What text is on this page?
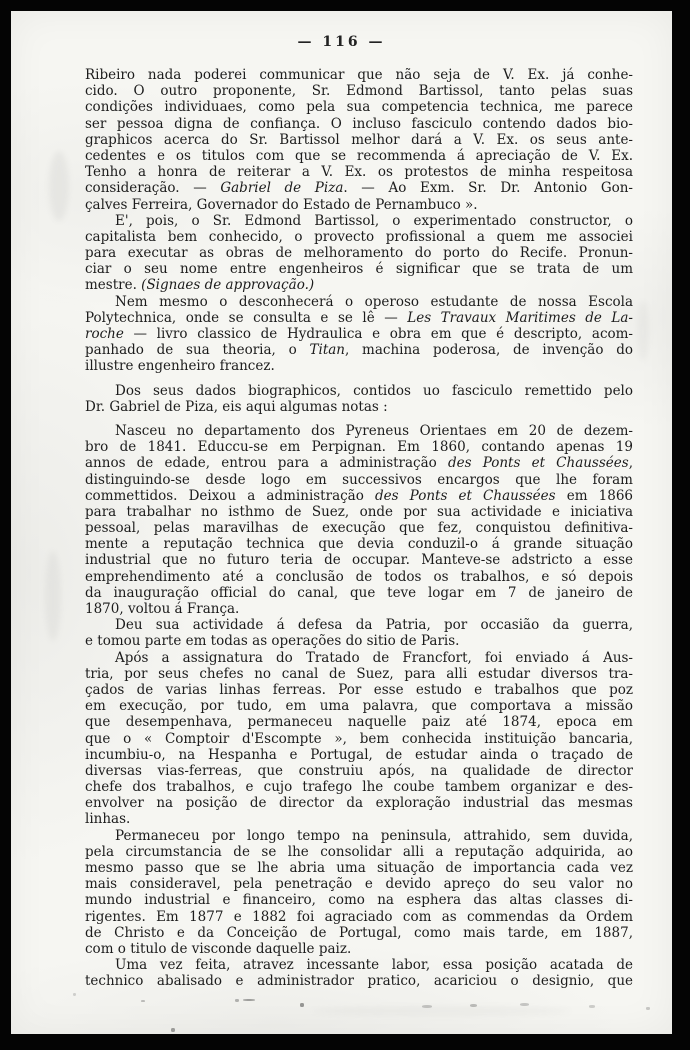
— 116 —
Ribeiro nada poderei communicar que não seja de V. Ex. já conhe-
cido. O outro proponente, Sr. Edmond Bartissol, tanto pelas suas
condições individuaes, como pela sua competencia technica, me parece
ser pessoa digna de confiança. O incluso fasciculo contendo dados bio-
graphicos acerca do Sr. Bartissol melhor dará a V. Ex. os seus ante-
cedentes e os titulos com que se recommenda á apreciação de V. Ex.
Tenho a honra de reiterar a V. Ex. os protestos de minha respeitosa
consideração. — Gabriel de Piza. — Ao Exm. Sr. Dr. Antonio Gon-
çalves Ferreira, Governador do Estado de Pernambuco ».
E', pois, o Sr. Edmond Bartissol, o experimentado constructor, o
capitalista bem conhecido, o provecto profissional a quem me associei
para executar as obras de melhoramento do porto do Recife. Pronun-
ciar o seu nome entre engenheiros é significar que se trata de um
mestre. (Signaes de approvação.)
Nem mesmo o desconhecerá o operoso estudante de nossa Escola
Polytechnica, onde se consulta e se lê — Les Travaux Maritimes de La-
roche — livro classico de Hydraulica e obra em que é descripto, acom-
panhado de sua theoria, o Titan, machina poderosa, de invenção do
illustre engenheiro francez.
Dos seus dados biographicos, contidos uo fasciculo remettido pelo
Dr. Gabriel de Piza, eis aqui algumas notas :
Nasceu no departamento dos Pyreneus Orientaes em 20 de dezem-
bro de 1841. Educcu-se em Perpignan. Em 1860, contando apenas 19
annos de edade, entrou para a administração des Ponts et Chaussées,
distinguindo-se desde logo em successivos encargos que lhe foram
commettidos. Deixou a administração des Ponts et Chaussées em 1866
para trabalhar no isthmo de Suez, onde por sua actividade e iniciativa
pessoal, pelas maravilhas de execução que fez, conquistou definitiva-
mente a reputação technica que devia conduzil-o á grande situação
industrial que no futuro teria de occupar. Manteve-se adstricto a esse
emprehendimento até a conclusão de todos os trabalhos, e só depois
da inauguração official do canal, que teve logar em 7 de janeiro de
1870, voltou á França.
Deu sua actividade á defesa da Patria, por occasião da guerra,
e tomou parte em todas as operações do sitio de Paris.
Após a assignatura do Tratado de Francfort, foi enviado á Aus-
tria, por seus chefes no canal de Suez, para alli estudar diversos tra-
çados de varias linhas ferreas. Por esse estudo e trabalhos que poz
em execução, por tudo, em uma palavra, que comportava a missão
que desempenhava, permaneceu naquelle paiz até 1874, epoca em
que o « Comptoir d'Escompte », bem conhecida instituição bancaria,
incumbiu-o, na Hespanha e Portugal, de estudar ainda o traçado de
diversas vias-ferreas, que construiu após, na qualidade de director
chefe dos trabalhos, e cujo trafego lhe coube tambem organizar e des-
envolver na posição de director da exploração industrial das mesmas
linhas.
Permaneceu por longo tempo na peninsula, attrahido, sem duvida,
pela circumstancia de se lhe consolidar alli a reputação adquirida, ao
mesmo passo que se lhe abria uma situação de importancia cada vez
mais consideravel, pela penetração e devido apreço do seu valor no
mundo industrial e financeiro, como na esphera das altas classes di-
rigentes. Em 1877 e 1882 foi agraciado com as commendas da Ordem
de Christo e da Conceição de Portugal, como mais tarde, em 1887,
com o titulo de visconde daquelle paiz.
Uma vez feita, atravez incessante labor, essa posição acatada de
technico abalisado e administrador pratico, acariciou o designio, que
